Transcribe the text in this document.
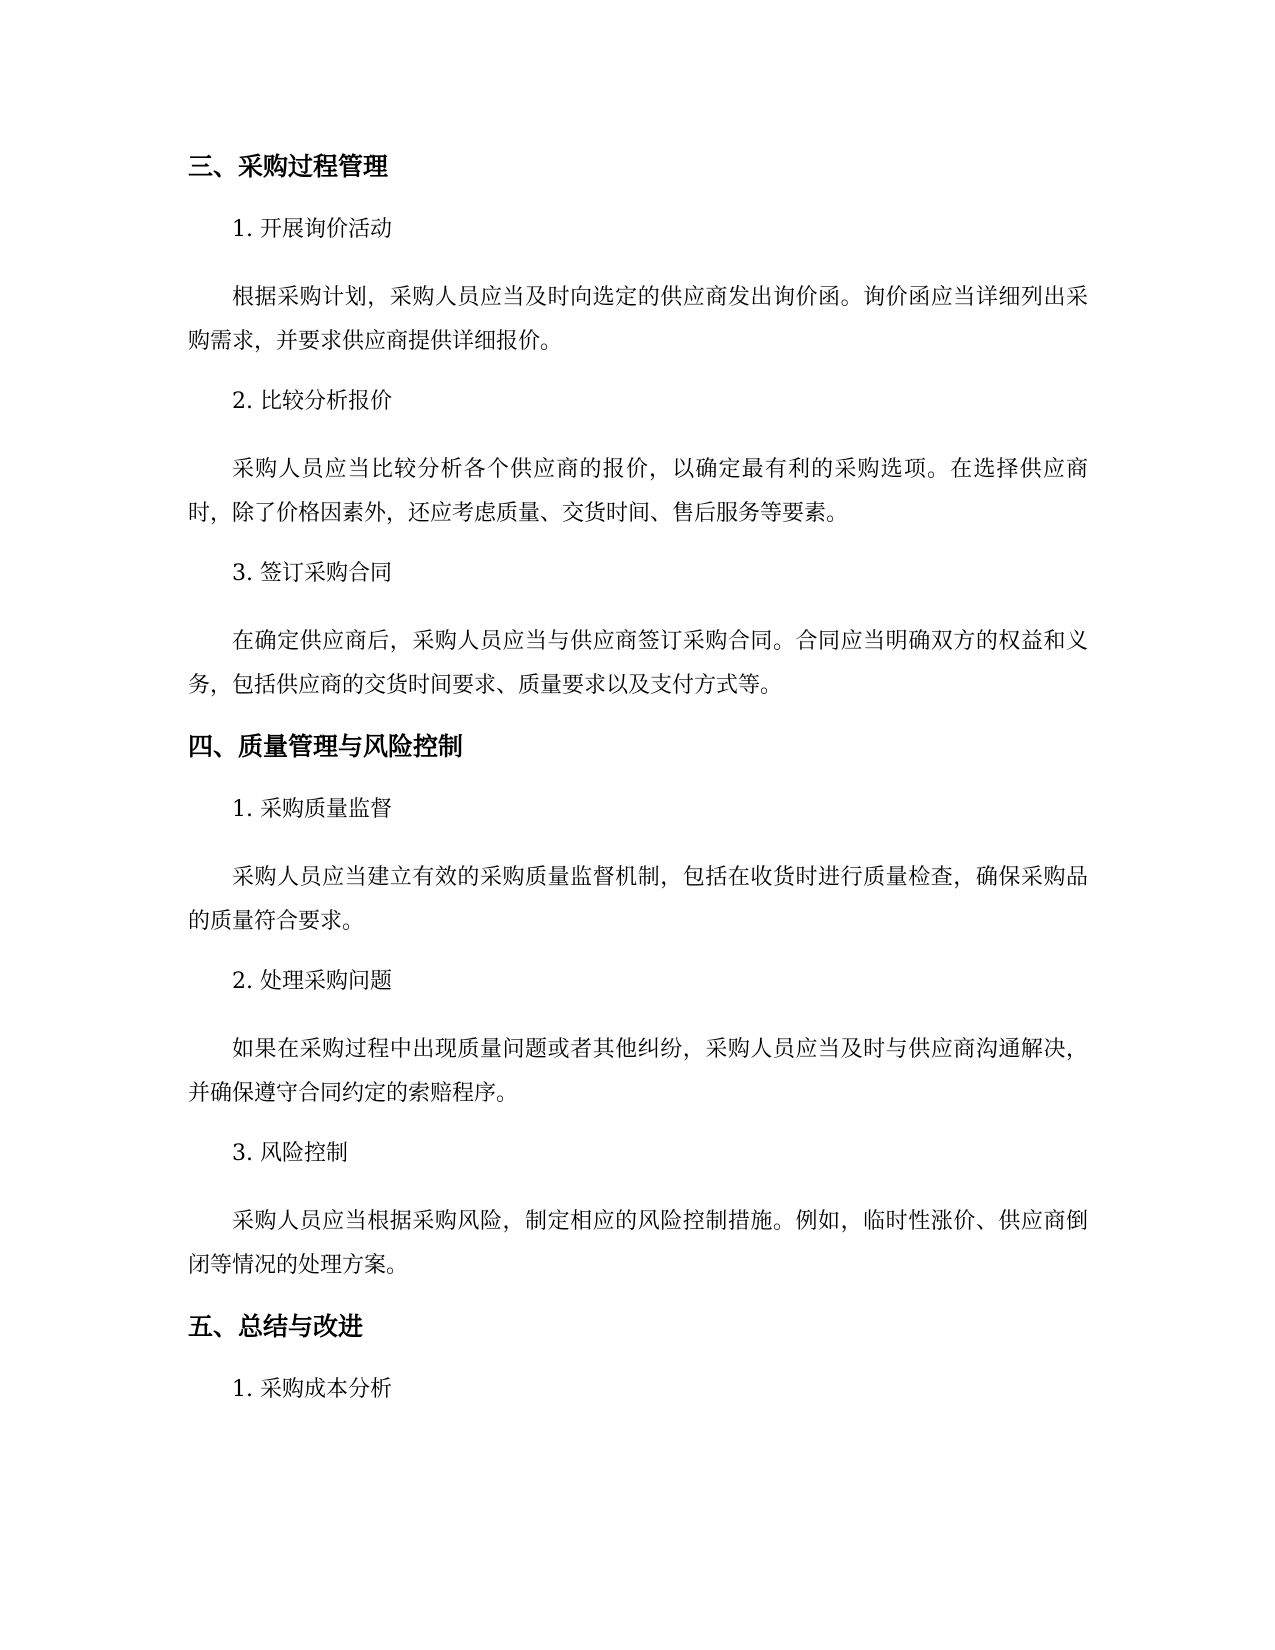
三、采购过程管理
1. 开展询价活动
根据采购计划，采购人员应当及时向选定的供应商发出询价函。询价函应当详细列出采购需求，并要求供应商提供详细报价。
2. 比较分析报价
采购人员应当比较分析各个供应商的报价，以确定最有利的采购选项。在选择供应商时，除了价格因素外，还应考虑质量、交货时间、售后服务等要素。
3. 签订采购合同
在确定供应商后，采购人员应当与供应商签订采购合同。合同应当明确双方的权益和义务，包括供应商的交货时间要求、质量要求以及支付方式等。
四、质量管理与风险控制
1. 采购质量监督
采购人员应当建立有效的采购质量监督机制，包括在收货时进行质量检查，确保采购品的质量符合要求。
2. 处理采购问题
如果在采购过程中出现质量问题或者其他纠纷，采购人员应当及时与供应商沟通解决，并确保遵守合同约定的索赔程序。
3. 风险控制
采购人员应当根据采购风险，制定相应的风险控制措施。例如，临时性涨价、供应商倒闭等情况的处理方案。
五、总结与改进
1. 采购成本分析
